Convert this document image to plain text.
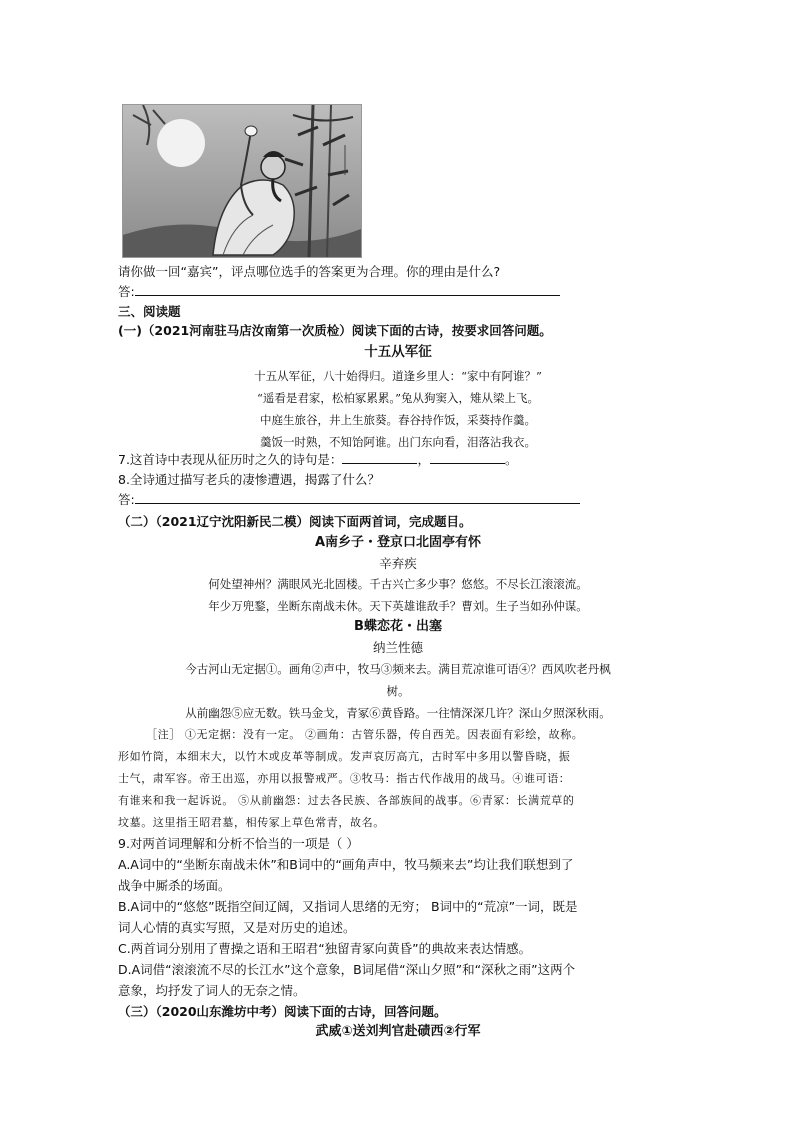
请你做一回“嘉宾”，评点哪位选手的答案更为合理。你的理由是什么?
答:
三、阅读题
(一)（2021河南驻马店汝南第一次质检）阅读下面的古诗，按要求回答问题。
十五从军征
十五从军征，八十始得归。道逢乡里人：“家中有阿谁？”
“遥看是君家，松柏冢累累。”兔从狗窦入，雉从梁上飞。
中庭生旅谷，井上生旅葵。舂谷持作饭，采葵持作羹。
羹饭一时熟，不知饴阿谁。出门东向看，泪落沾我衣。
7.这首诗中表现从征历时之久的诗句是：	，	。
8.全诗通过描写老兵的凄惨遭遇，揭露了什么？
答:
（二）（2021辽宁沈阳新民二模）阅读下面两首词，完成题目。
A南乡子・登京口北固亭有怀
辛弃疾
何处望神州？满眼风光北固楼。千古兴亡多少事？悠悠。不尽长江滚滚流。
年少万兜鍪，坐断东南战未休。天下英雄谁敌手？曹刘。生子当如孙仲谋。
B蝶恋花・出塞
纳兰性德
今古河山无定据①。画角②声中，牧马③频来去。满目荒凉谁可语④？西风吹老丹枫
树。
从前幽怨⑤应无数。铁马金戈，青冢⑥黄昏路。一往情深深几许？深山夕照深秋雨。
［注］ ①无定据：没有一定。 ②画角：古管乐器，传自西羌。因表面有彩绘，故称。
形如竹筒，本细末大，以竹木或皮革等制成。发声哀厉高亢，古时军中多用以警昏晓，振
士气，肃军容。帝王出巡，亦用以报警戒严。③牧马：指古代作战用的战马。④谁可语：
有谁来和我一起诉说。 ⑤从前幽怨：过去各民族、各部族间的战事。⑥青冢：长满荒草的
坟墓。这里指王昭君墓，相传冢上草色常青，故名。
9.对两首词理解和分析不恰当的一项是（ ）
A.A词中的“坐断东南战未休”和B词中的“画角声中，牧马频来去”均让我们联想到了
战争中厮杀的场面。
B.A词中的“悠悠”既指空间辽阔，又指词人思绪的无穷； B词中的“荒凉”一词，既是
词人心情的真实写照，又是对历史的追述。
C.两首词分别用了曹操之语和王昭君“独留青冢向黄昏”的典故来表达情感。
D.A词借“滚滚流不尽的长江水”这个意象，B词尾借“深山夕照”和“深秋之雨”这两个
意象，均抒发了词人的无奈之情。
（三）（2020山东潍坊中考）阅读下面的古诗，回答问题。
武威①送刘判官赴碛西②行军
